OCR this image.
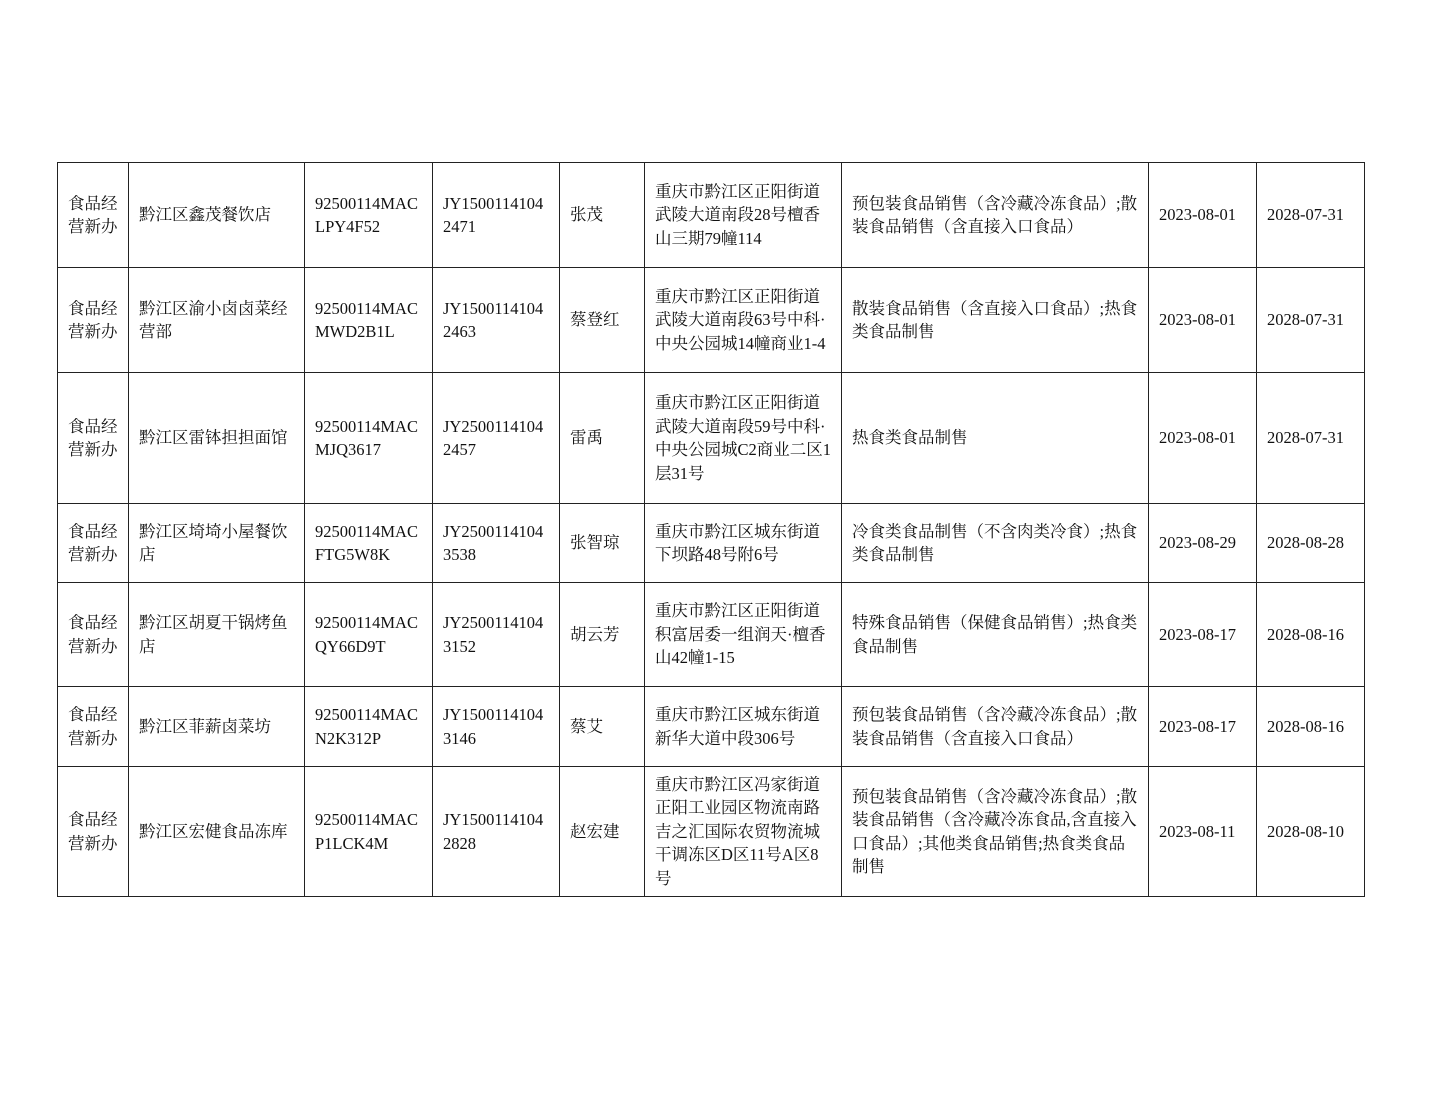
食品经营新办	黔江区鑫茂餐饮店	92500114MACLPY4F52	JY15001141042471	张茂	重庆市黔江区正阳街道武陵大道南段28号檀香山三期79幢114	预包装食品销售（含冷藏冷冻食品）;散装食品销售（含直接入口食品）	2023-08-01	2028-07-31
食品经营新办	黔江区渝小卤卤菜经营部	92500114MACMWD2B1L	JY15001141042463	蔡登红	重庆市黔江区正阳街道武陵大道南段63号中科·中央公园城14幢商业1-4	散装食品销售（含直接入口食品）;热食类食品制售	2023-08-01	2028-07-31
食品经营新办	黔江区雷钵担担面馆	92500114MACMJQ3617	JY25001141042457	雷禹	重庆市黔江区正阳街道武陵大道南段59号中科·中央公园城C2商业二区1层31号	热食类食品制售	2023-08-01	2028-07-31
食品经营新办	黔江区埼埼小屋餐饮店	92500114MACFTG5W8K	JY25001141043538	张智琼	重庆市黔江区城东街道下坝路48号附6号	冷食类食品制售（不含肉类冷食）;热食类食品制售	2023-08-29	2028-08-28
食品经营新办	黔江区胡夏干锅烤鱼店	92500114MACQY66D9T	JY25001141043152	胡云芳	重庆市黔江区正阳街道积富居委一组润天·檀香山42幢1-15	特殊食品销售（保健食品销售）;热食类食品制售	2023-08-17	2028-08-16
食品经营新办	黔江区菲薪卤菜坊	92500114MACN2K312P	JY15001141043146	蔡艾	重庆市黔江区城东街道新华大道中段306号	预包装食品销售（含冷藏冷冻食品）;散装食品销售（含直接入口食品）	2023-08-17	2028-08-16
食品经营新办	黔江区宏健食品冻库	92500114MACP1LCK4M	JY15001141042828	赵宏建	重庆市黔江区冯家街道正阳工业园区物流南路吉之汇国际农贸物流城干调冻区D区11号A区8号	预包装食品销售（含冷藏冷冻食品）;散装食品销售（含冷藏冷冻食品,含直接入口食品）;其他类食品销售;热食类食品制售	2023-08-11	2028-08-10
